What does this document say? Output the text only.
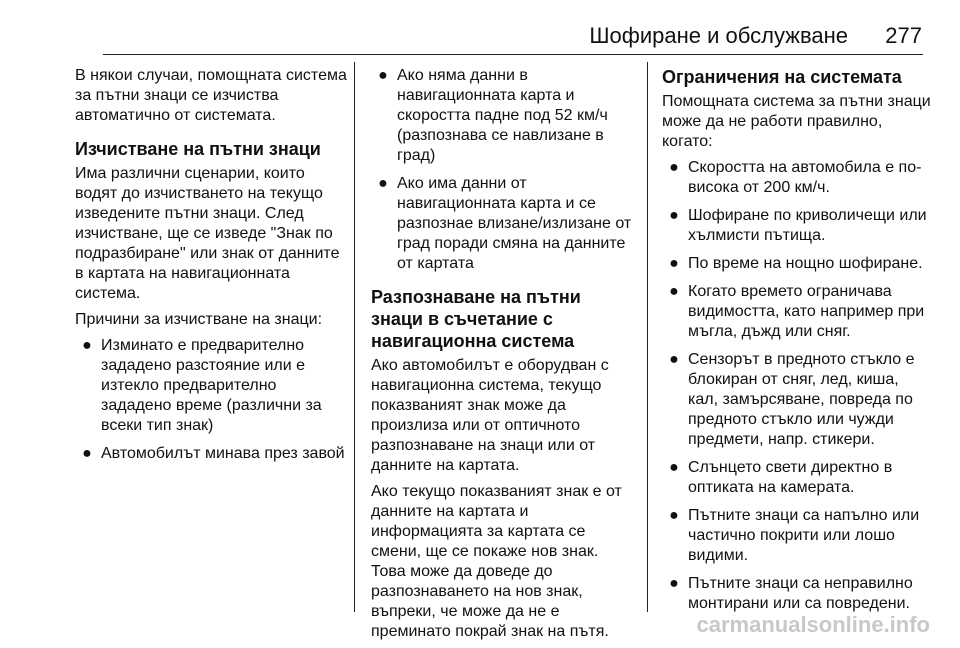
Шофиране и обслужване 277

В някои случаи, помощната система за пътни знаци се изчиства автоматично от системата.

Изчистване на пътни знаци

Има различни сценарии, които водят до изчистването на текущо изведените пътни знаци. След изчистване, ще се изведе "Знак по подразбиране" или знак от данните в картата на навигационната система.

Причини за изчистване на знаци:

● Изминато е предварително зададено разстояние или е изтекло предварително зададено време (различни за всеки тип знак)
● Автомобилът минава през завой
● Ако няма данни в навигационната карта и скоростта падне под 52 км/ч (разпознава се навлизане в град)
● Ако има данни от навигационната карта и се разпознае влизане/излизане от град поради смяна на данните от картата
Разпознаване на пътни знаци в съчетание с навигационна система

Ако автомобилът е оборудван с навигационна система, текущо показваният знак може да произлиза или от оптичното разпознаване на знаци или от данните на картата.

Ако текущо показваният знак е от данните на картата и информацията за картата се смени, ще се покаже нов знак. Това може да доведе до разпознаването на нов знак, въпреки, че може да не е преминато покрай знак на пътя.

Ограничения на системата

Помощната система за пътни знаци може да не работи правилно, когато:

● Скоростта на автомобила е по-висока от 200 км/ч.
● Шофиране по криволичещи или хълмисти пътища.
● По време на нощно шофиране.
● Когато времето ограничава видимостта, като например при мъгла, дъжд или сняг.
● Сензорът в предното стъкло е блокиран от сняг, лед, киша, кал, замърсяване, повреда по предното стъкло или чужди предмети, напр. стикери.
● Слънцето свети директно в оптиката на камерата.
● Пътните знаци са напълно или частично покрити или лошо видими.
● Пътните знаци са неправилно монтирани или са повредени.
carmanualsonline.info
